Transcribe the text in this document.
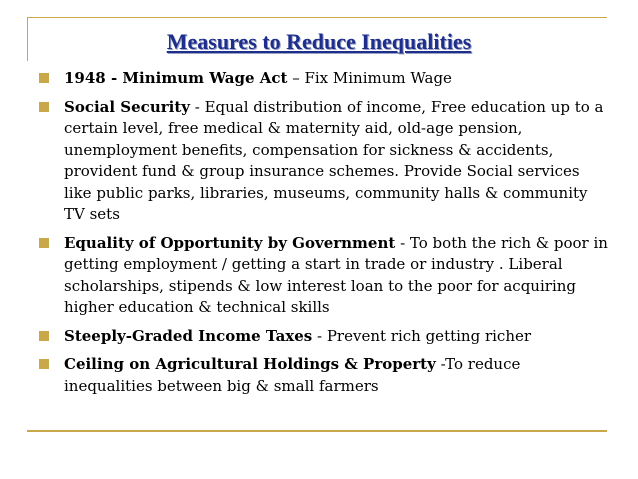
Measures to Reduce Inequalities
1948 - Minimum Wage Act – Fix Minimum Wage
Social Security - Equal distribution of income, Free education up to a certain level, free medical & maternity aid, old-age pension, unemployment benefits, compensation for sickness & accidents, provident fund & group insurance schemes. Provide Social services like public parks, libraries, museums, community halls & community TV sets
Equality of Opportunity by Government - To both the rich & poor in getting employment / getting a start in trade or industry . Liberal scholarships, stipends & low interest loan to the poor for acquiring higher education & technical skills
Steeply-Graded Income Taxes - Prevent rich getting richer
Ceiling on Agricultural Holdings & Property -To reduce inequalities between big & small farmers
